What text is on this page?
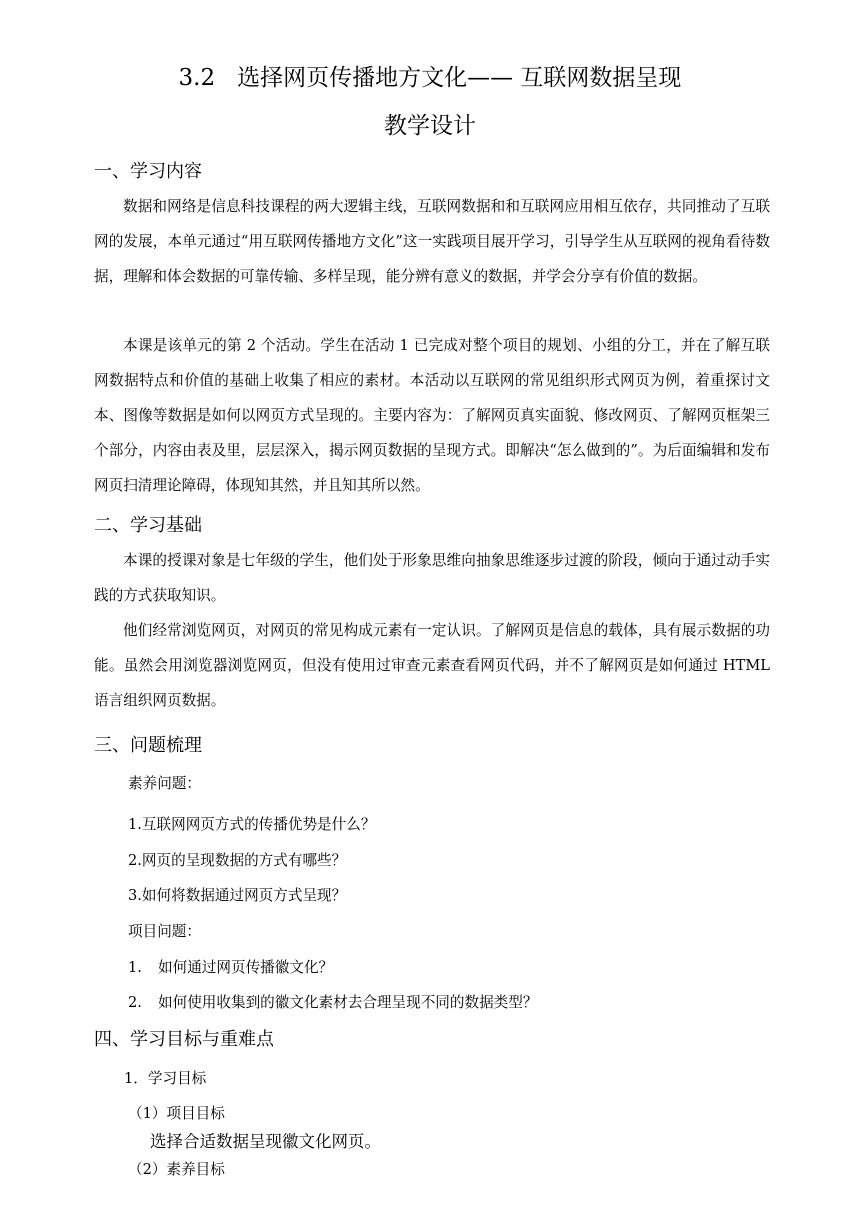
3.2 选择网页传播地方文化—— 互联网数据呈现
教学设计
一、学习内容
数据和网络是信息科技课程的两大逻辑主线，互联网数据和和互联网应用相互依存，共同推动了互联网的发展，本单元通过“用互联网传播地方文化”这一实践项目展开学习，引导学生从互联网的视角看待数据，理解和体会数据的可靠传输、多样呈现，能分辨有意义的数据，并学会分享有价值的数据。
本课是该单元的第 2 个活动。学生在活动 1 已完成对整个项目的规划、小组的分工，并在了解互联网数据特点和价值的基础上收集了相应的素材。本活动以互联网的常见组织形式网页为例，着重探讨文本、图像等数据是如何以网页方式呈现的。主要内容为：了解网页真实面貌、修改网页、了解网页框架三个部分，内容由表及里，层层深入，揭示网页数据的呈现方式。即解决“怎么做到的”。为后面编辑和发布网页扫清理论障碍，体现知其然，并且知其所以然。
二、学习基础
本课的授课对象是七年级的学生，他们处于形象思维向抽象思维逐步过渡的阶段，倾向于通过动手实践的方式获取知识。
他们经常浏览网页，对网页的常见构成元素有一定认识。了解网页是信息的载体，具有展示数据的功能。虽然会用浏览器浏览网页，但没有使用过审查元素查看网页代码，并不了解网页是如何通过 HTML 语言组织网页数据。
三、问题梳理
素养问题：
1.互联网网页方式的传播优势是什么？
2.网页的呈现数据的方式有哪些？
3.如何将数据通过网页方式呈现？
项目问题：
1. 如何通过网页传播徽文化？
2. 如何使用收集到的徽文化素材去合理呈现不同的数据类型？
四、学习目标与重难点
1．学习目标
（1）项目目标
选择合适数据呈现徽文化网页。
（2）素养目标
